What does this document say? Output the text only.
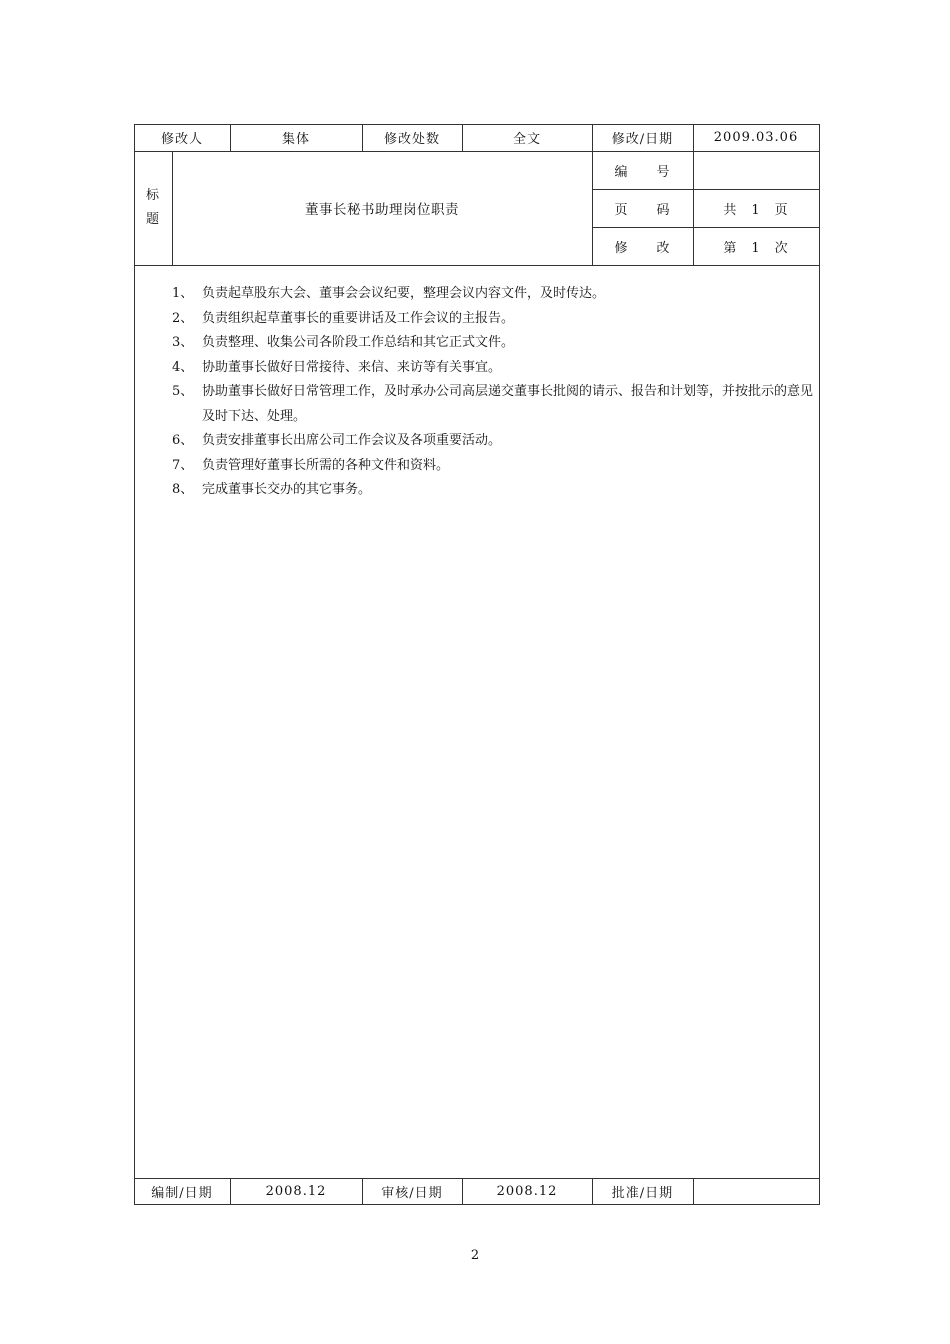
修改人	集体	修改处数	全文	修改/日期	2009.03.06
标
题
董事长秘书助理岗位职责
编　　号
页　　码	共　1　页
修　　改	第　1　次
1、 负责起草股东大会、董事会会议纪要，整理会议内容文件，及时传达。
2、 负责组织起草董事长的重要讲话及工作会议的主报告。
3、 负责整理、收集公司各阶段工作总结和其它正式文件。
4、 协助董事长做好日常接待、来信、来访等有关事宜。
5、 协助董事长做好日常管理工作，及时承办公司高层递交董事长批阅的请示、报告和计划等，并按批示的意见及时下达、处理。
6、 负责安排董事长出席公司工作会议及各项重要活动。
7、 负责管理好董事长所需的各种文件和资料。
8、 完成董事长交办的其它事务。
编制/日期	2008.12	审核/日期	2008.12	批准/日期
2
